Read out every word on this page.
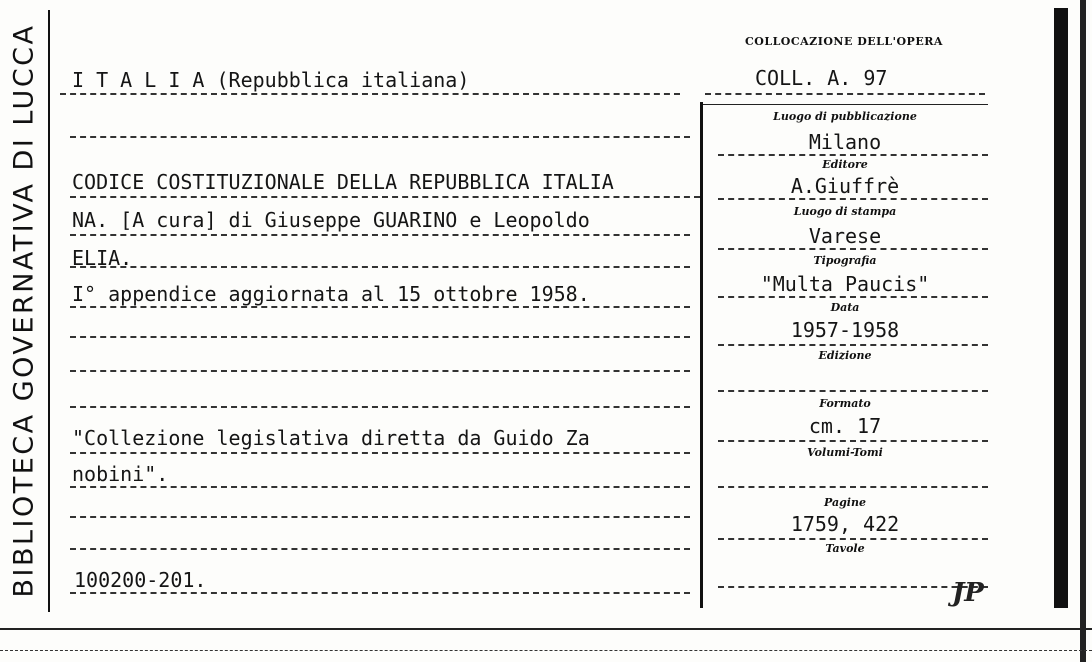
BIBLIOTECA GOVERNATIVA DI LUCCA	COLLOCAZIONE DELL'OPERA
COLL. A. 97
I T A L I A (Repubblica italiana)
CODICE COSTITUZIONALE DELLA REPUBBLICA ITALIA
NA. [A cura] di Giuseppe GUARINO e Leopoldo
ELIA.
I° appendice aggiornata al 15 ottobre 1958.
"Collezione legislativa diretta da Guido Za
nobini".
100200-201.
Luogo di pubblicazione
Milano
Editore
A.Giuffrè
Luogo di stampa
Varese
Tipografia
"Multa Paucis"
Data
1957-1958
Edizione
Formato
cm. 17
Volumi-Tomi
Pagine
1759, 422
Tavole
JP
